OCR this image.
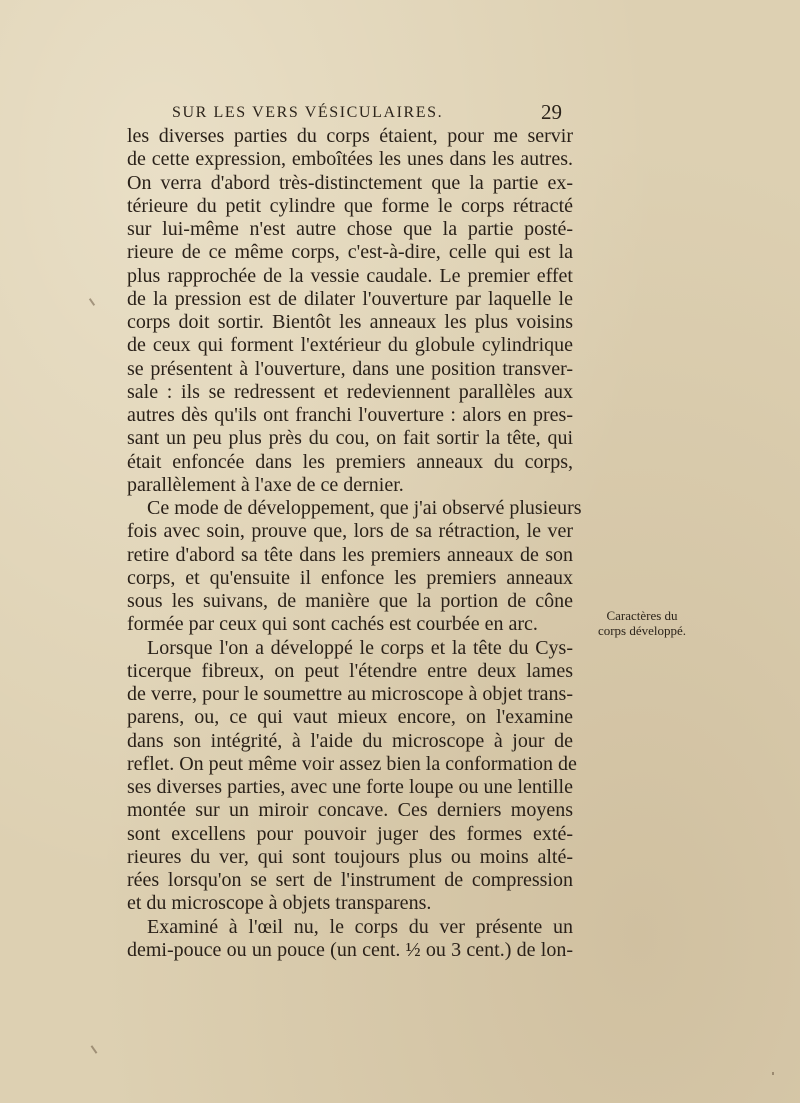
SUR LES VERS VÉSICULAIRES.	29
les diverses parties du corps étaient, pour me servir
de cette expression, emboîtées les unes dans les autres.
On verra d'abord très-distinctement que la partie ex-
térieure du petit cylindre que forme le corps rétracté
sur lui-même n'est autre chose que la partie posté-
rieure de ce même corps, c'est-à-dire, celle qui est la
plus rapprochée de la vessie caudale. Le premier effet
de la pression est de dilater l'ouverture par laquelle le
corps doit sortir. Bientôt les anneaux les plus voisins
de ceux qui forment l'extérieur du globule cylindrique
se présentent à l'ouverture, dans une position transver-
sale : ils se redressent et redeviennent parallèles aux
autres dès qu'ils ont franchi l'ouverture : alors en pres-
sant un peu plus près du cou, on fait sortir la tête, qui
était enfoncée dans les premiers anneaux du corps,
parallèlement à l'axe de ce dernier.
Ce mode de développement, que j'ai observé plusieurs
fois avec soin, prouve que, lors de sa rétraction, le ver
retire d'abord sa tête dans les premiers anneaux de son
corps, et qu'ensuite il enfonce les premiers anneaux
sous les suivans, de manière que la portion de cône
formée par ceux qui sont cachés est courbée en arc.
Lorsque l'on a développé le corps et la tête du Cys-
ticerque fibreux, on peut l'étendre entre deux lames
de verre, pour le soumettre au microscope à objet trans-
parens, ou, ce qui vaut mieux encore, on l'examine
dans son intégrité, à l'aide du microscope à jour de
reflet. On peut même voir assez bien la conformation de
ses diverses parties, avec une forte loupe ou une lentille
montée sur un miroir concave. Ces derniers moyens
sont excellens pour pouvoir juger des formes exté-
rieures du ver, qui sont toujours plus ou moins alté-
rées lorsqu'on se sert de l'instrument de compression
et du microscope à objets transparens.
Examiné à l'œil nu, le corps du ver présente un
demi-pouce ou un pouce (un cent. ½ ou 3 cent.) de lon-
Caractères du
corps développé.
